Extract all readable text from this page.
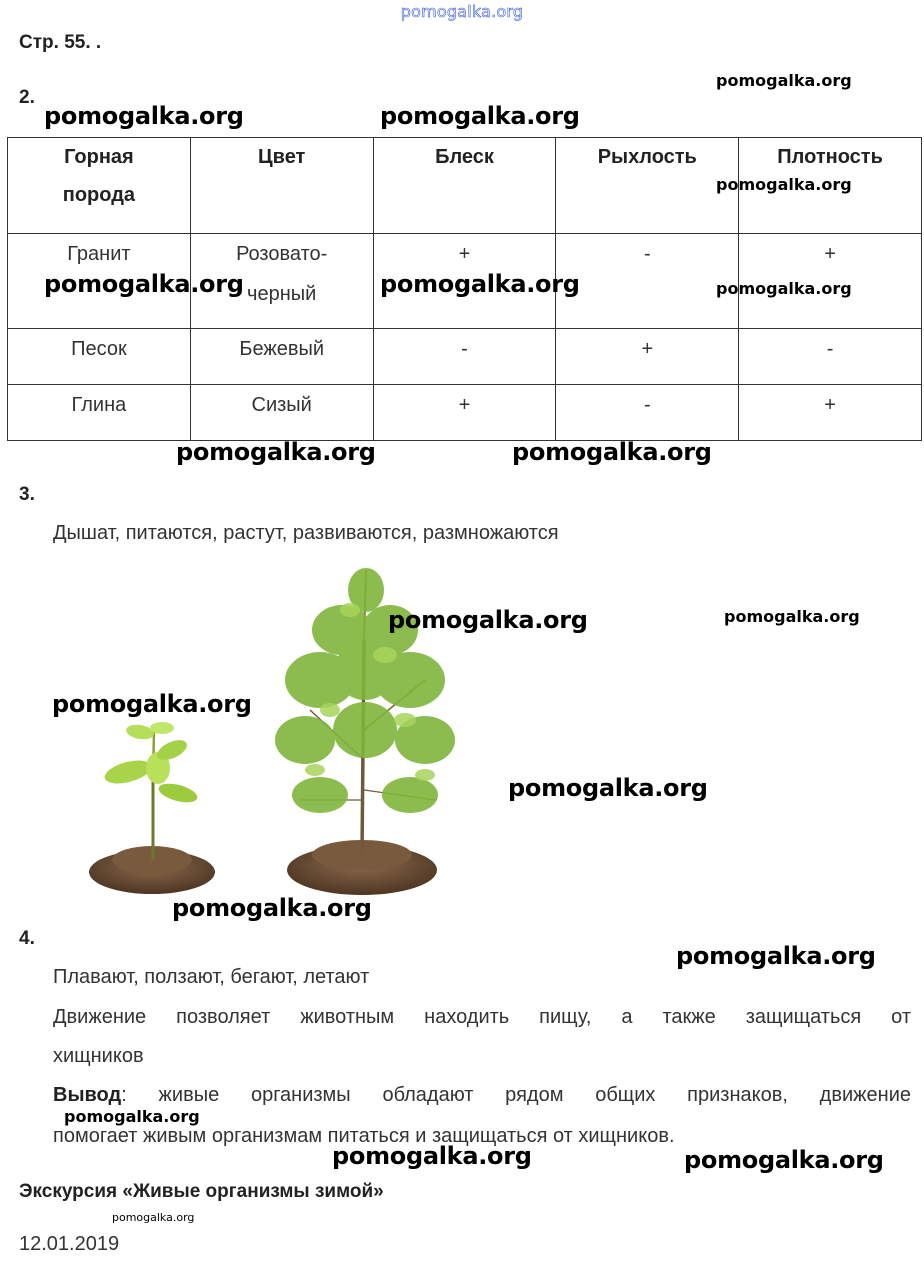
pomogalka.org
Стр. 55. .
2.
Горная порода	Цвет	Блеск	Рыхлость	Плотность
Гранит	Розовато-черный	+	-	+
Песок	Бежевый	-	+	-
Глина	Сизый	+	-	+
3.
Дышат, питаются, растут, развиваются, размножаются
4.
Плавают, ползают, бегают, летают
Движение позволяет животным находить пищу, а также защищаться от
хищников
Вывод: живые организмы обладают рядом общих признаков, движение
помогает живым организмам питаться и защищаться от хищников.
Экскурсия «Живые организмы зимой»
12.01.2019
pomogalka.org	pomogalka.org
pomogalka.org
pomogalka.org
pomogalka.org	pomogalka.org	pomogalka.org
pomogalka.org	pomogalka.org
pomogalka.org	pomogalka.org
pomogalka.org
pomogalka.org
pomogalka.org
pomogalka.org
pomogalka.org
pomogalka.org	pomogalka.org
pomogalka.org
